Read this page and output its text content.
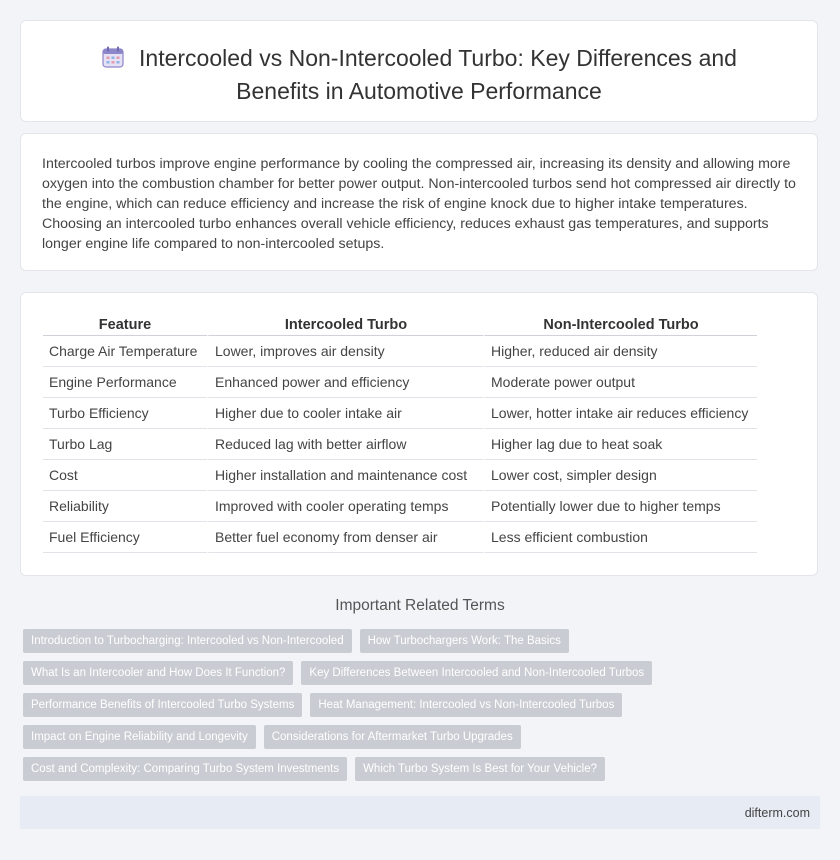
Intercooled vs Non-Intercooled Turbo: Key Differences and
Benefits in Automotive Performance
Intercooled turbos improve engine performance by cooling the compressed air, increasing its density and allowing more oxygen into the combustion chamber for better power output. Non-intercooled turbos send hot compressed air directly to the engine, which can reduce efficiency and increase the risk of engine knock due to higher intake temperatures. Choosing an intercooled turbo enhances overall vehicle efficiency, reduces exhaust gas temperatures, and supports longer engine life compared to non-intercooled setups.
Feature	Intercooled Turbo	Non-Intercooled Turbo
Charge Air Temperature	Lower, improves air density	Higher, reduced air density
Engine Performance	Enhanced power and efficiency	Moderate power output
Turbo Efficiency	Higher due to cooler intake air	Lower, hotter intake air reduces efficiency
Turbo Lag	Reduced lag with better airflow	Higher lag due to heat soak
Cost	Higher installation and maintenance cost	Lower cost, simpler design
Reliability	Improved with cooler operating temps	Potentially lower due to higher temps
Fuel Efficiency	Better fuel economy from denser air	Less efficient combustion
Important Related Terms
Introduction to Turbocharging: Intercooled vs Non-Intercooled	How Turbochargers Work: The Basics
What Is an Intercooler and How Does It Function?	Key Differences Between Intercooled and Non-Intercooled Turbos
Performance Benefits of Intercooled Turbo Systems	Heat Management: Intercooled vs Non-Intercooled Turbos
Impact on Engine Reliability and Longevity	Considerations for Aftermarket Turbo Upgrades
Cost and Complexity: Comparing Turbo System Investments	Which Turbo System Is Best for Your Vehicle?
difterm.com
